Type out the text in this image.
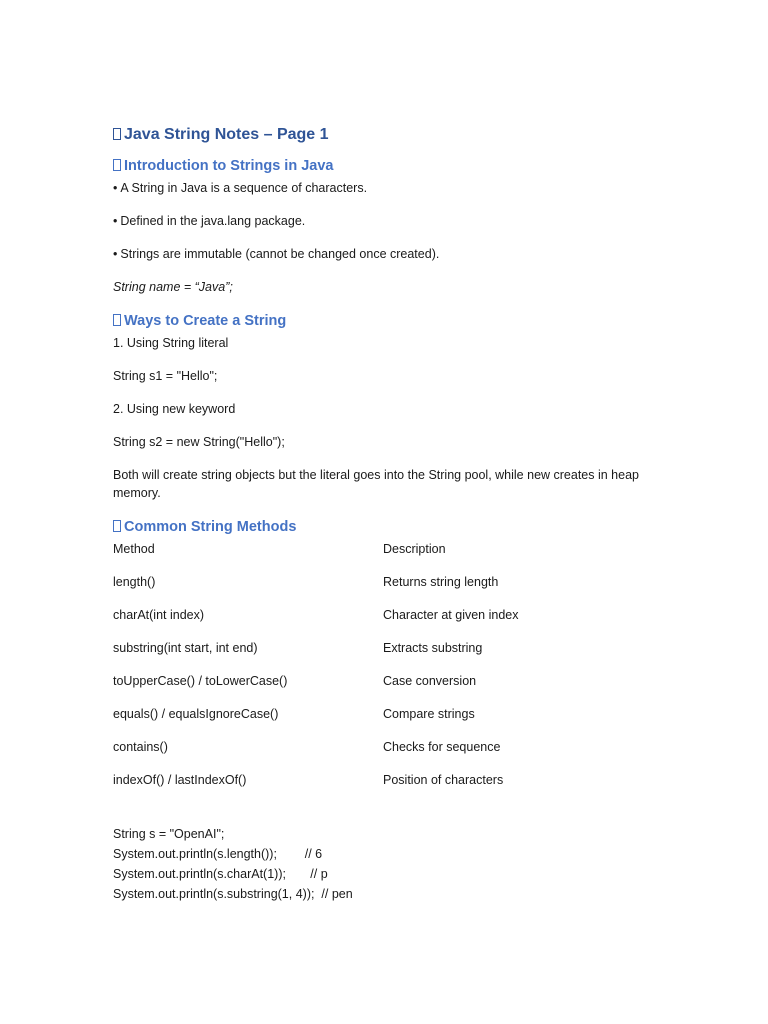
Java String Notes – Page 1
Introduction to Strings in Java
• A String in Java is a sequence of characters.
• Defined in the java.lang package.
• Strings are immutable (cannot be changed once created).
String name = “Java”;
Ways to Create a String
1. Using String literal
String s1 = "Hello";
2. Using new keyword
String s2 = new String("Hello");
Both will create string objects but the literal goes into the String pool, while new creates in heap memory.
Common String Methods
Method	Description
length()	Returns string length
charAt(int index)	Character at given index
substring(int start, int end)	Extracts substring
toUpperCase() / toLowerCase()	Case conversion
equals() / equalsIgnoreCase()	Compare strings
contains()	Checks for sequence
indexOf() / lastIndexOf()	Position of characters
String s = "OpenAI";
System.out.println(s.length());        // 6
System.out.println(s.charAt(1));       // p
System.out.println(s.substring(1, 4));  // pen
